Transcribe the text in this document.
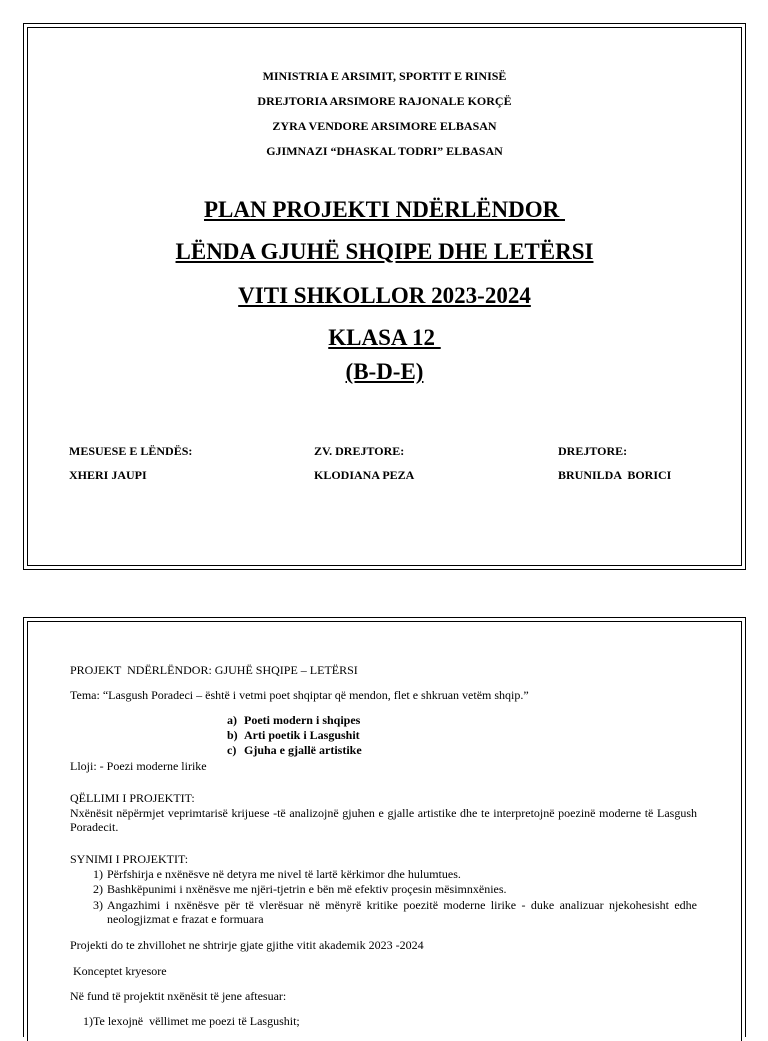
MINISTRIA E ARSIMIT, SPORTIT E RINISË
DREJTORIA ARSIMORE RAJONALE KORÇË
ZYRA VENDORE ARSIMORE ELBASAN
GJIMNAZI “DHASKAL TODRI” ELBASAN
PLAN PROJEKTI NDËRLËNDOR
LËNDA GJUHË SHQIPE DHE LETËRSI
VITI SHKOLLOR 2023-2024
KLASA 12
(B-D-E)
MESUESE E LËNDËS:
XHERI JAUPI
ZV. DREJTORE:
KLODIANA PEZA
DREJTORE:
BRUNILDA  BORICI
PROJEKT  NDËRLËNDOR: GJUHË SHQIPE – LETËRSI
Tema: “Lasgush Poradeci – është i vetmi poet shqiptar që mendon, flet e shkruan vetëm shqip.”
a) Poeti modern i shqipes
b) Arti poetik i Lasgushit
c) Gjuha e gjallë artistike
Lloji: - Poezi moderne lirike
QËLLIMI I PROJEKTIT:
Nxënësit nëpërmjet veprimtarisë krijuese -të analizojnë gjuhen e gjalle artistike dhe te interpretojnë poezinë moderne të Lasgush Poradecit.
SYNIMI I PROJEKTIT:
1) Përfshirja e nxënësve në detyra me nivel të lartë kërkimor dhe hulumtues.
2) Bashkëpunimi i nxënësve me njëri-tjetrin e bën më efektiv proçesin mësimnxënies.
3) Angazhimi i nxënësve për të vlerësuar në mënyrë kritike poezitë moderne lirike - duke analizuar njekohesisht edhe neologjizmat e frazat e formuara
Projekti do te zhvillohet ne shtrirje gjate gjithe vitit akademik 2023 -2024
Konceptet kryesore
Në fund të projektit nxënësit të jene aftesuar:
1)Te lexojnë  vëllimet me poezi të Lasgushit;
